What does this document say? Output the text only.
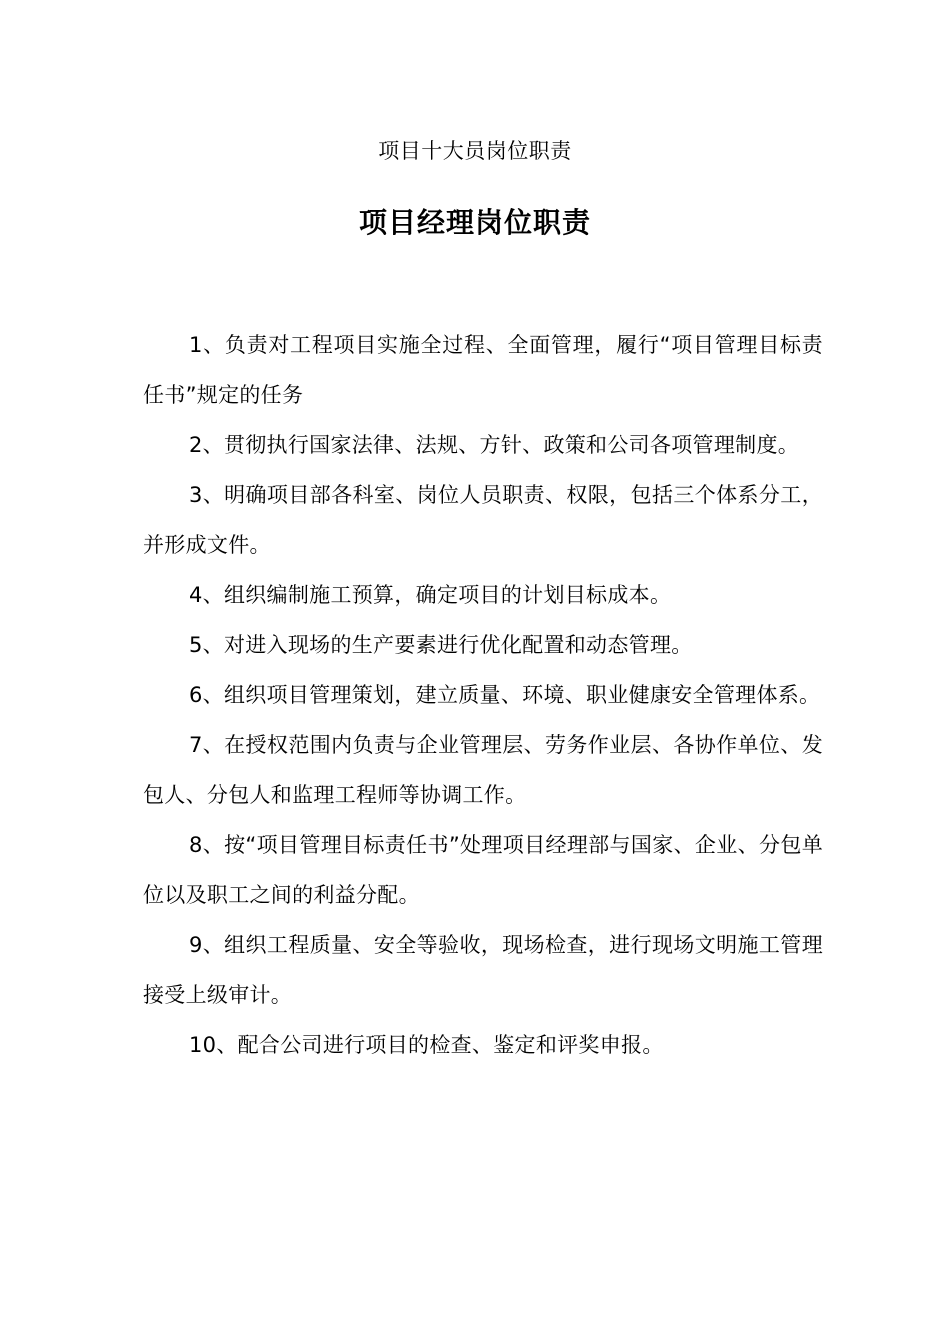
项目十大员岗位职责
项目经理岗位职责
1、负责对工程项目实施全过程、全面管理，履行“项目管理目标责任书”规定的任务
2、贯彻执行国家法律、法规、方针、政策和公司各项管理制度。
3、明确项目部各科室、岗位人员职责、权限，包括三个体系分工，并形成文件。
4、组织编制施工预算，确定项目的计划目标成本。
5、对进入现场的生产要素进行优化配置和动态管理。
6、组织项目管理策划，建立质量、环境、职业健康安全管理体系。
7、在授权范围内负责与企业管理层、劳务作业层、各协作单位、发包人、分包人和监理工程师等协调工作。
8、按“项目管理目标责任书”处理项目经理部与国家、企业、分包单位以及职工之间的利益分配。
9、组织工程质量、安全等验收，现场检查，进行现场文明施工管理接受上级审计。
10、配合公司进行项目的检查、鉴定和评奖申报。
